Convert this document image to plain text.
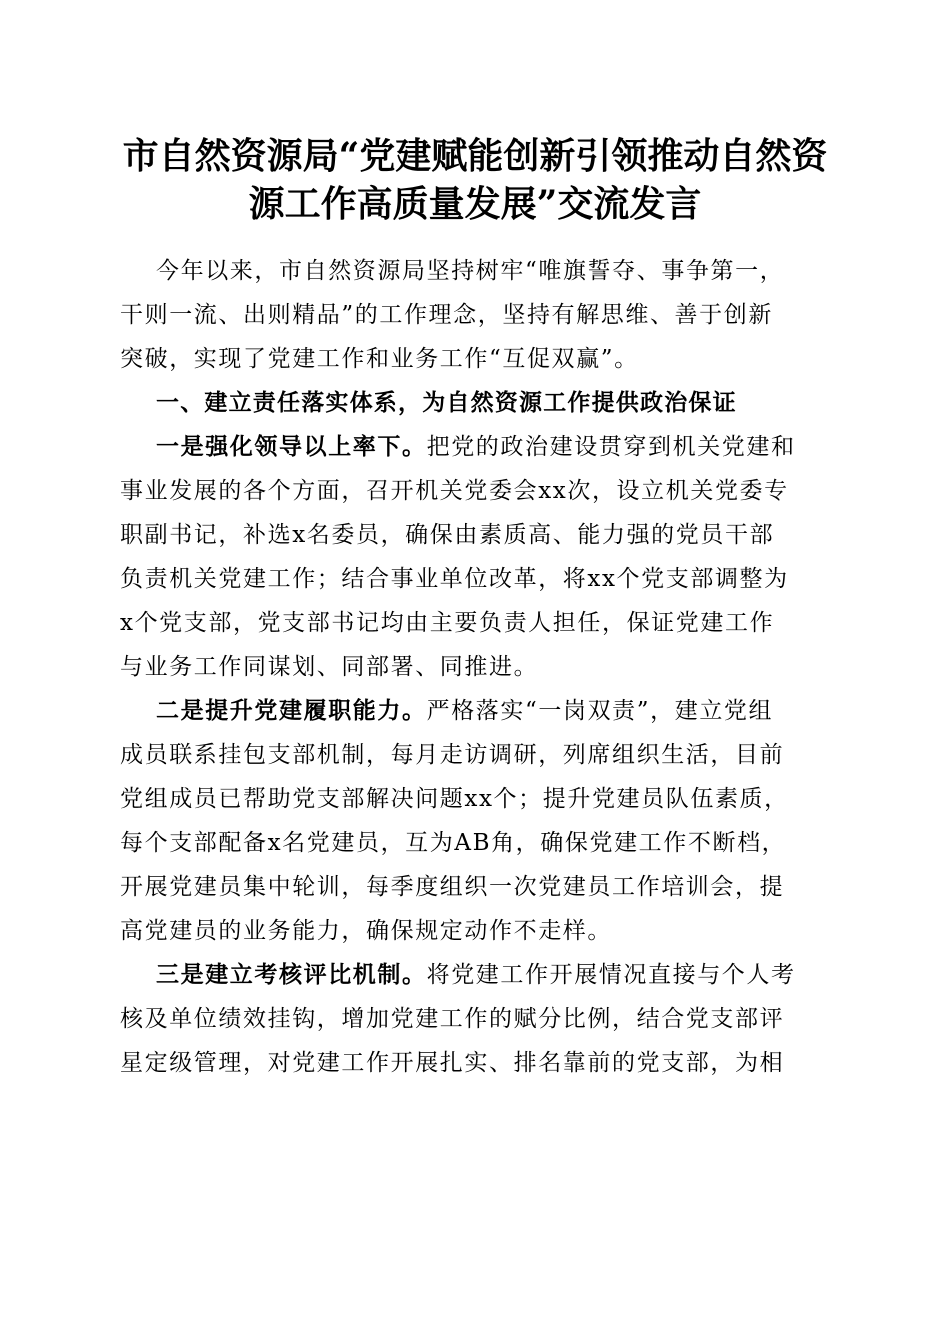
市自然资源局“党建赋能创新引领推动自然资
源工作高质量发展”交流发言
今年以来，市自然资源局坚持树牢“唯旗誓夺、事争第一，
干则一流、出则精品”的工作理念，坚持有解思维、善于创新
突破，实现了党建工作和业务工作“互促双赢”。
一、建立责任落实体系，为自然资源工作提供政治保证
一是强化领导以上率下。把党的政治建设贯穿到机关党建和
事业发展的各个方面，召开机关党委会xx次，设立机关党委专
职副书记，补选x名委员，确保由素质高、能力强的党员干部
负责机关党建工作；结合事业单位改革，将xx个党支部调整为
x个党支部，党支部书记均由主要负责人担任，保证党建工作
与业务工作同谋划、同部署、同推进。
二是提升党建履职能力。严格落实“一岗双责”，建立党组
成员联系挂包支部机制，每月走访调研，列席组织生活，目前
党组成员已帮助党支部解决问题xx个；提升党建员队伍素质，
每个支部配备x名党建员，互为AB角，确保党建工作不断档，
开展党建员集中轮训，每季度组织一次党建员工作培训会，提
高党建员的业务能力，确保规定动作不走样。
三是建立考核评比机制。将党建工作开展情况直接与个人考
核及单位绩效挂钩，增加党建工作的赋分比例，结合党支部评
星定级管理，对党建工作开展扎实、排名靠前的党支部，为相
